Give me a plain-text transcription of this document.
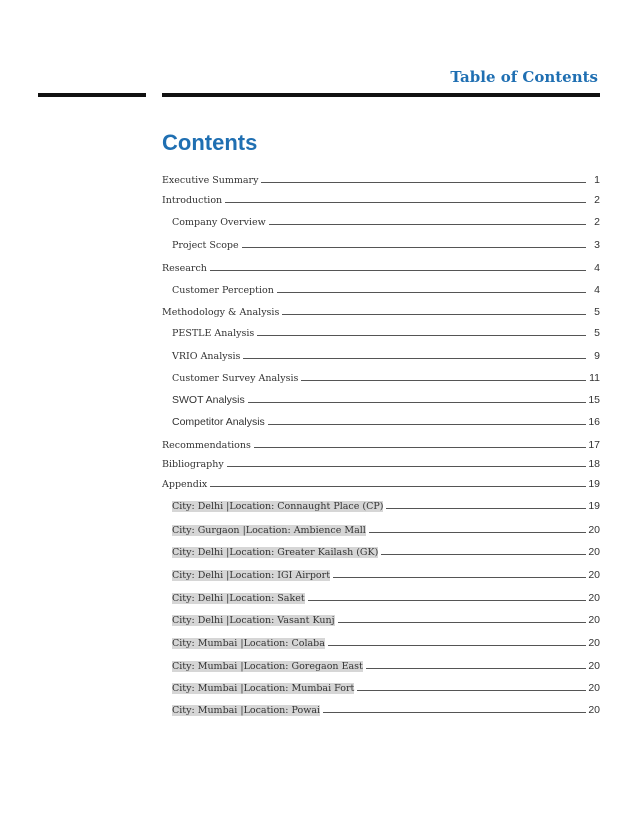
Table of Contents
Contents
Executive Summary	1
Introduction	2
Company Overview	2
Project Scope	3
Research	4
Customer Perception	4
Methodology & Analysis	5
PESTLE Analysis	5
VRIO Analysis	9
Customer Survey Analysis	11
SWOT Analysis	15
Competitor Analysis	16
Recommendations	17
Bibliography	18
Appendix	19
City: Delhi |Location: Connaught Place (CP)	19
City: Gurgaon |Location: Ambience Mall	20
City: Delhi |Location: Greater Kailash (GK)	20
City: Delhi |Location: IGI Airport	20
City: Delhi |Location: Saket	20
City: Delhi |Location: Vasant Kunj	20
City: Mumbai |Location: Colaba	20
City: Mumbai |Location: Goregaon East	20
City: Mumbai |Location: Mumbai Fort	20
City: Mumbai |Location: Powai	20
